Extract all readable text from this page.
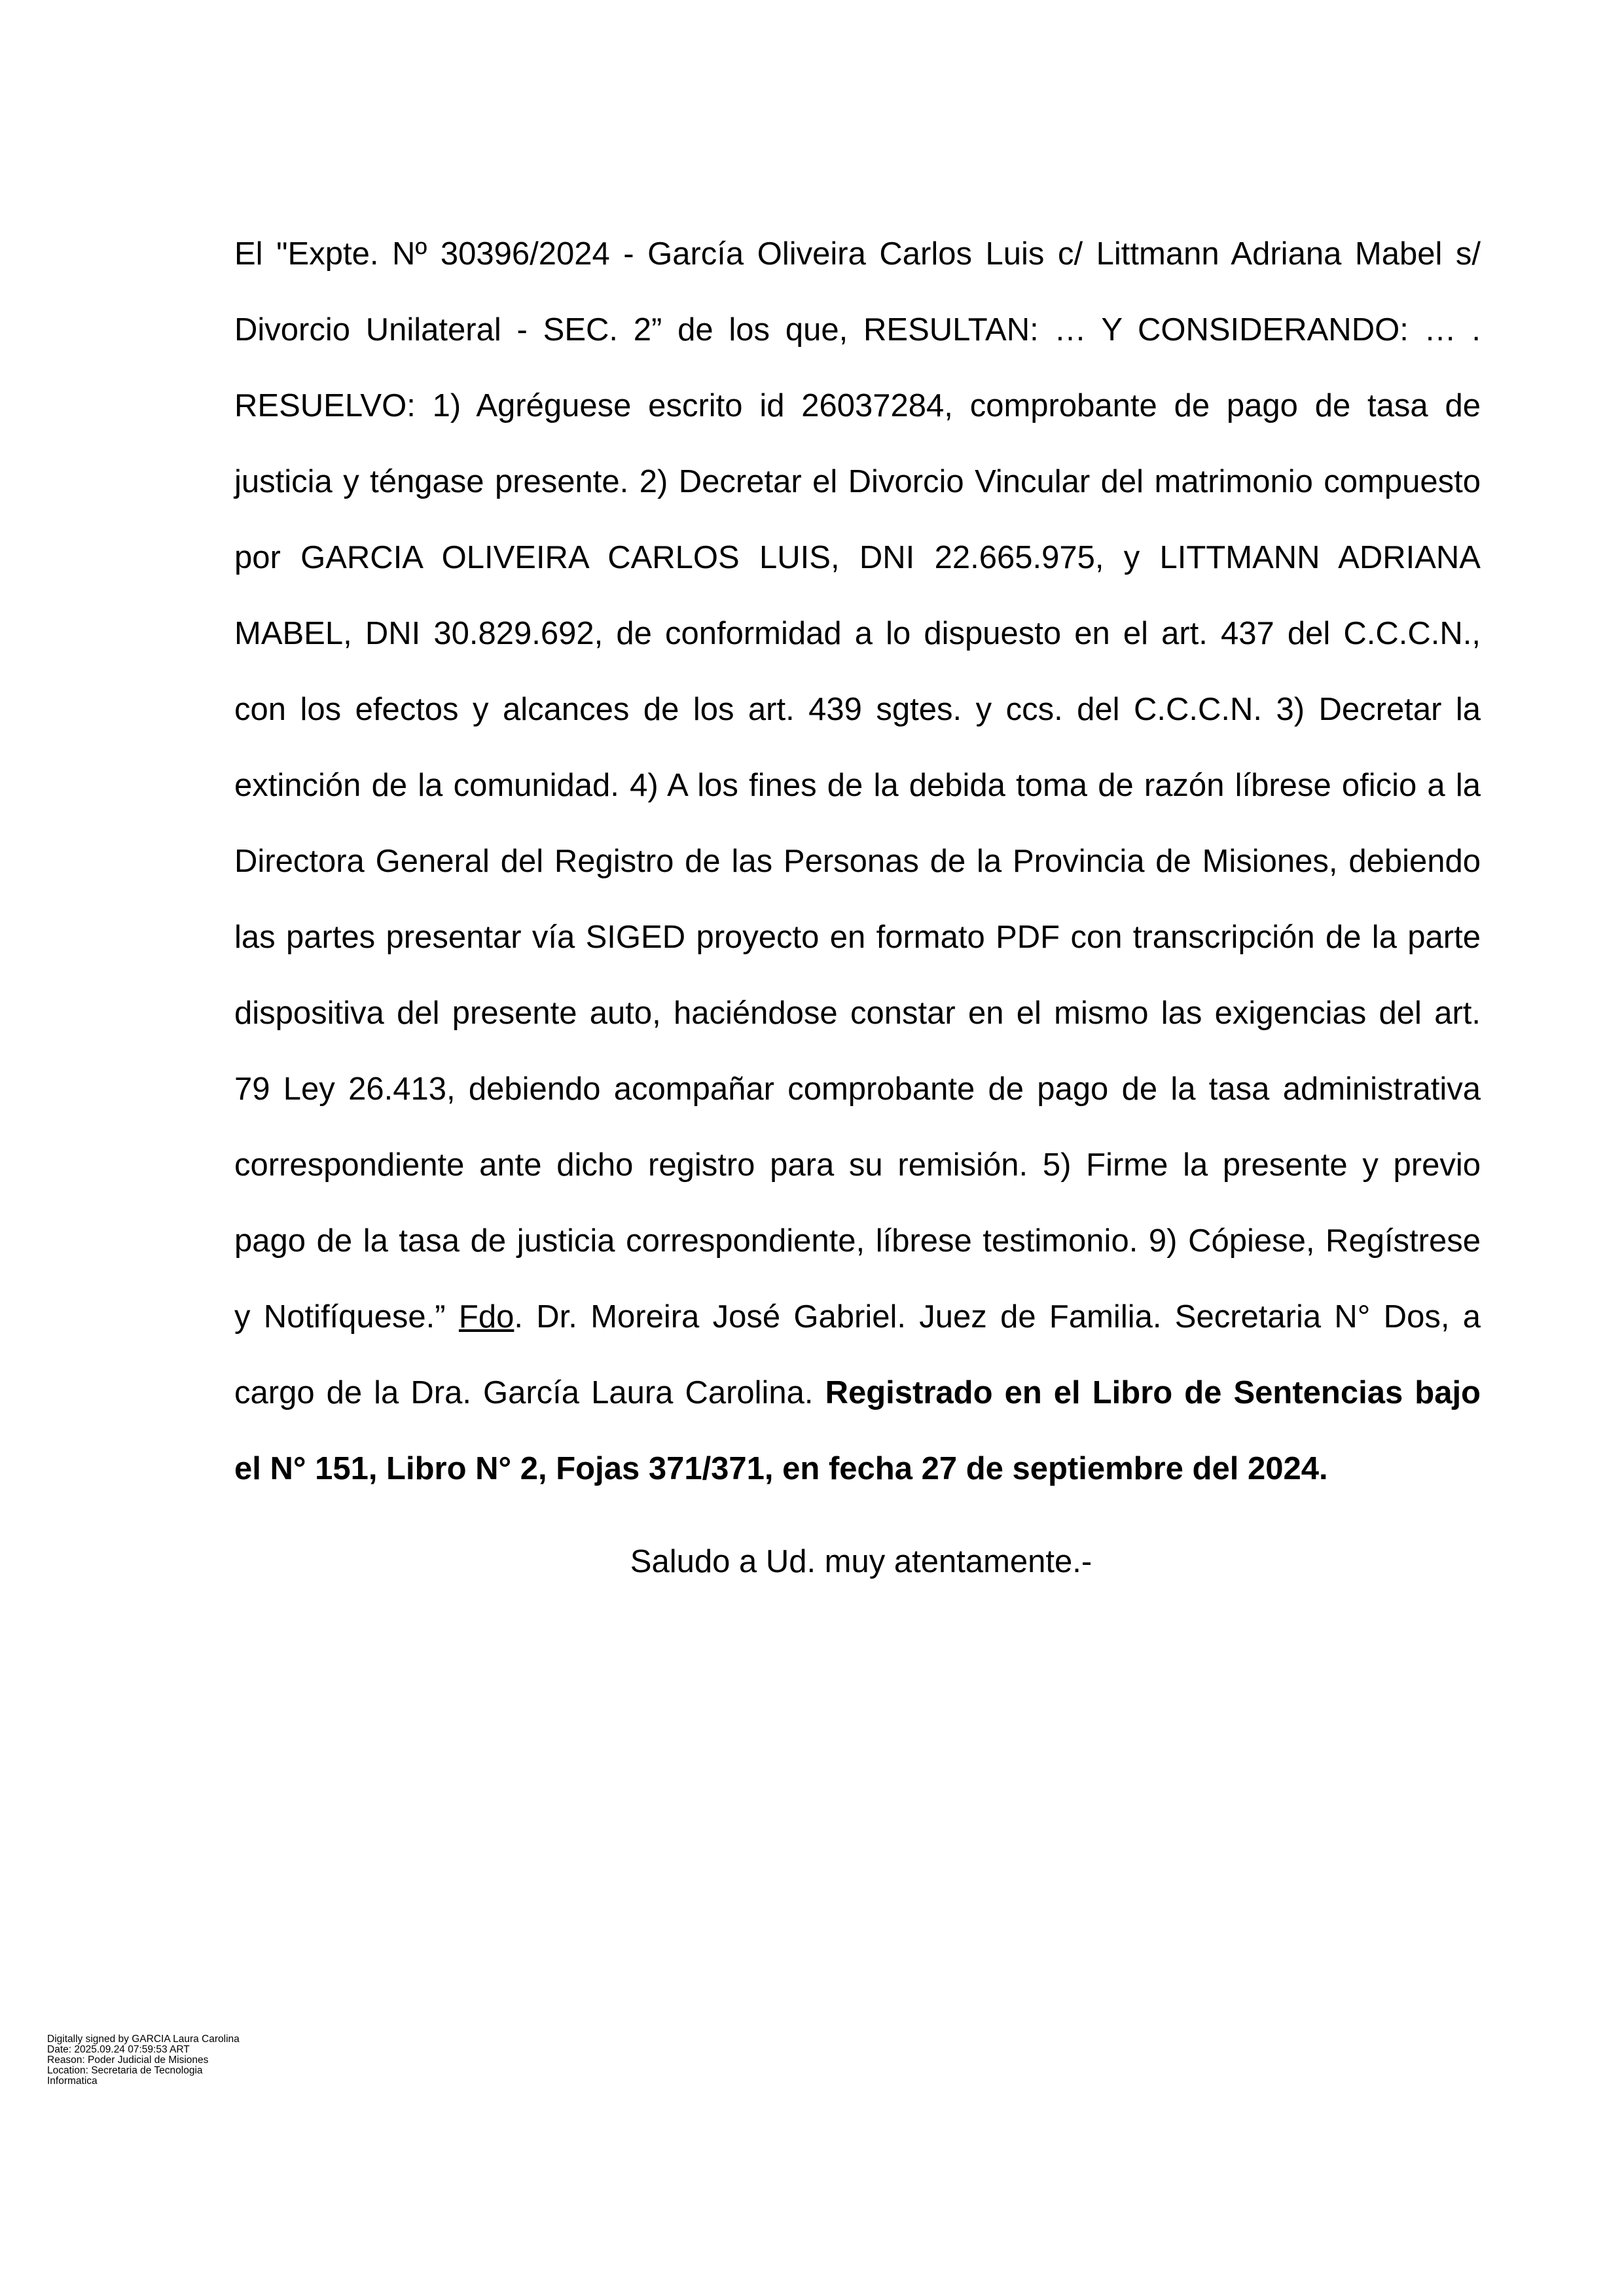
El "Expte. Nº 30396/2024 - García Oliveira Carlos Luis c/ Littmann Adriana Mabel s/
Divorcio Unilateral - SEC. 2” de los que, RESULTAN: … Y CONSIDERANDO: … .
RESUELVO: 1) Agréguese escrito id 26037284, comprobante de pago de tasa de
justicia y téngase presente. 2) Decretar el Divorcio Vincular del matrimonio compuesto
por GARCIA OLIVEIRA CARLOS LUIS, DNI 22.665.975, y LITTMANN ADRIANA
MABEL, DNI 30.829.692, de conformidad a lo dispuesto en el art. 437 del C.C.C.N.,
con los efectos y alcances de los art. 439 sgtes. y ccs. del C.C.C.N. 3) Decretar la
extinción de la comunidad. 4) A los fines de la debida toma de razón líbrese oficio a la
Directora General del Registro de las Personas de la Provincia de Misiones, debiendo
las partes presentar vía SIGED proyecto en formato PDF con transcripción de la parte
dispositiva del presente auto, haciéndose constar en el mismo las exigencias del art.
79 Ley 26.413, debiendo acompañar comprobante de pago de la tasa administrativa
correspondiente ante dicho registro para su remisión. 5) Firme la presente y previo
pago de la tasa de justicia correspondiente, líbrese testimonio. 9) Cópiese, Regístrese
y Notifíquese.” Fdo. Dr. Moreira José Gabriel. Juez de Familia. Secretaria N° Dos, a
cargo de la Dra. García Laura Carolina. Registrado en el Libro de Sentencias bajo
el N° 151, Libro N° 2, Fojas 371/371, en fecha 27 de septiembre del 2024.
Saludo a Ud. muy atentamente.-
Digitally signed by GARCIA Laura Carolina
Date: 2025.09.24 07:59:53 ART
Reason: Poder Judicial de Misiones
Location: Secretaria de Tecnologia
Informatica
